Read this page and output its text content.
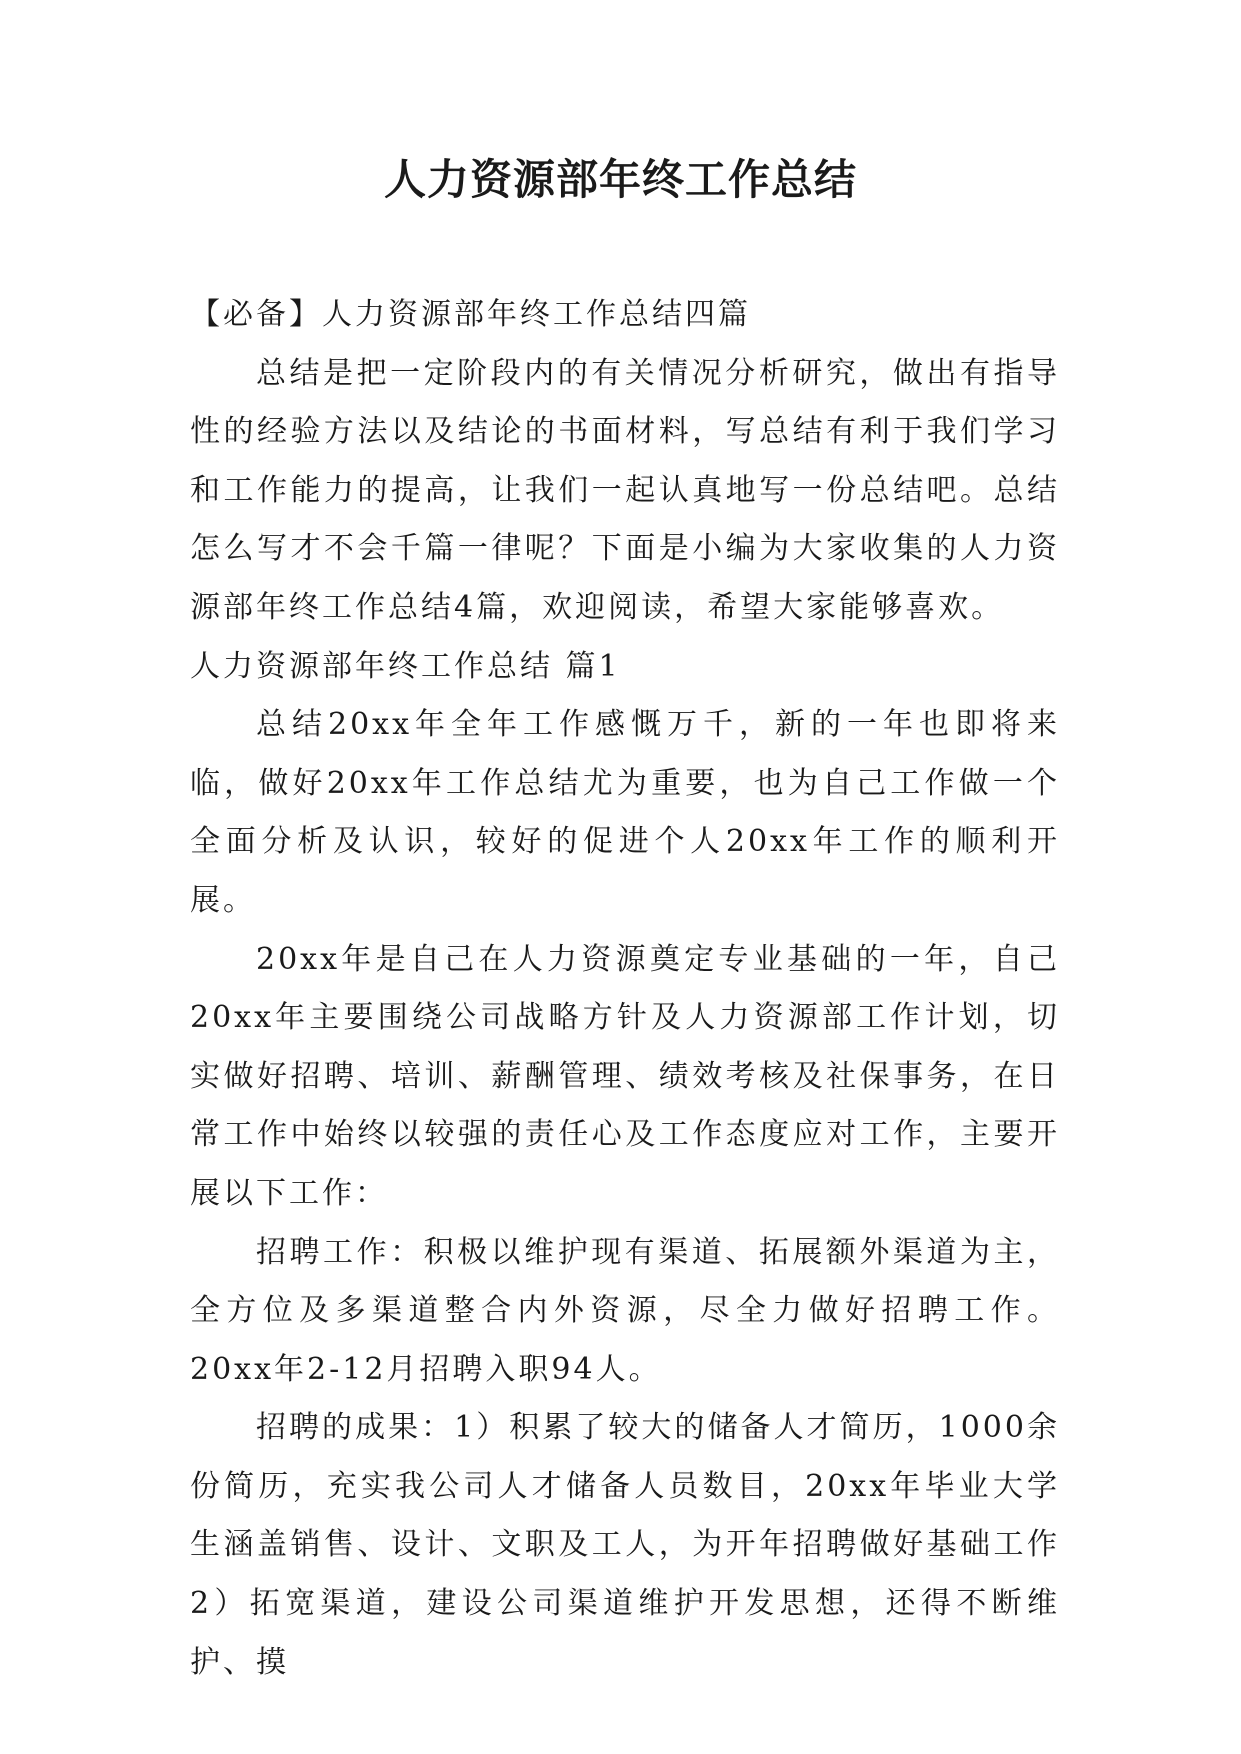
人力资源部年终工作总结

【必备】人力资源部年终工作总结四篇

总结是把一定阶段内的有关情况分析研究，做出有指导性的经验方法以及结论的书面材料，写总结有利于我们学习和工作能力的提高，让我们一起认真地写一份总结吧。总结怎么写才不会千篇一律呢？下面是小编为大家收集的人力资源部年终工作总结4篇，欢迎阅读，希望大家能够喜欢。

人力资源部年终工作总结 篇1

总结20xx年全年工作感慨万千，新的一年也即将来临，做好20xx年工作总结尤为重要，也为自己工作做一个全面分析及认识，较好的促进个人20xx年工作的顺利开展。

20xx年是自己在人力资源奠定专业基础的一年，自己20xx年主要围绕公司战略方针及人力资源部工作计划，切实做好招聘、培训、薪酬管理、绩效考核及社保事务，在日常工作中始终以较强的责任心及工作态度应对工作，主要开展以下工作：

招聘工作：积极以维护现有渠道、拓展额外渠道为主，全方位及多渠道整合内外资源，尽全力做好招聘工作。20xx年2-12月招聘入职94人。

招聘的成果：1）积累了较大的储备人才简历，1000余份简历，充实我公司人才储备人员数目，20xx年毕业大学生涵盖销售、设计、文职及工人，为开年招聘做好基础工作2）拓宽渠道，建设公司渠道维护开发思想，还得不断维护、摸
